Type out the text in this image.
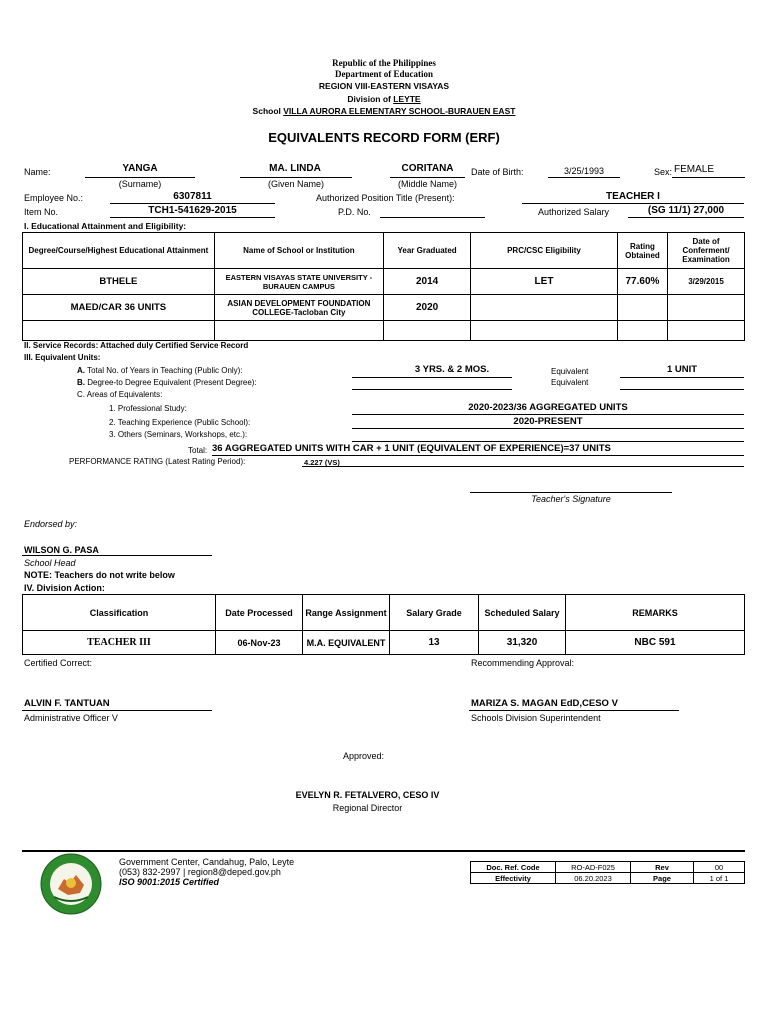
Republic of the Philippines
Department of Education
REGION VIII-EASTERN VISAYAS
Division of LEYTE
School VILLA AURORA ELEMENTARY SCHOOL-BURAUEN EAST
EQUIVALENTS RECORD FORM (ERF)
Name:	YANGA
(Surname)
MA. LINDA
(Given Name)
CORITANA
(Middle Name)
Date of Birth:	3/25/1993	Sex: FEMALE
Employee No.:	6307811	Authorized Position Title (Present):	TEACHER I
Item No.	TCH1-541629-2015	P.D. No.	Authorized Salary	(SG 11/1) 27,000
I. Educational Attainment and Eligibility:
Degree/Course/Highest Educational Attainment	Name of School or Institution	Year Graduated	PRC/CSC Eligibility	Rating Obtained	Date of Conferment/ Examination
BTHELE	EASTERN VISAYAS STATE UNIVERSITY - BURAUEN CAMPUS	2014	LET	77.60%	3/29/2015
MAED/CAR 36 UNITS	ASIAN DEVELOPMENT FOUNDATION COLLEGE-Tacloban City	2020			

II. Service Records: Attached duly Certified Service Record
III. Equivalent Units:
A. Total No. of Years in Teaching (Public Only):	3 YRS. & 2 MOS.	Equivalent	1 UNIT
B. Degree-to Degree Equivalent (Present Degree):	Equivalent
C. Areas of Equivalents:
1. Professional Study:	2020-2023/36 AGGREGATED UNITS
2. Teaching Experience (Public School):	2020-PRESENT
3. Others (Seminars, Workshops, etc.):
Total: 36 AGGREGATED UNITS WITH CAR + 1 UNIT (EQUIVALENT OF EXPERIENCE)=37 UNITS
PERFORMANCE RATING (Latest Rating Period):	4.227 (VS)
Teacher's Signature
Endorsed by:
WILSON G. PASA
School Head
NOTE: Teachers do not write below
IV. Division Action:
Classification	Date Processed	Range Assignment	Salary Grade	Scheduled Salary	REMARKS
TEACHER III	06-Nov-23	M.A. EQUIVALENT	13	31,320	NBC 591
Certified Correct:	Recommending Approval:
ALVIN F. TANTUAN
Administrative Officer V
MARIZA S. MAGAN EdD,CESO V
Schools Division Superintendent
Approved:
EVELYN R. FETALVERO, CESO IV
Regional Director
Government Center, Candahug, Palo, Leyte
(053) 832-2997 | region8@deped.gov.ph
ISO 9001:2015 Certified
Doc. Ref. Code	RO-AD-F025	Rev	00
Effectivity	06.20.2023	Page	1 of 1
